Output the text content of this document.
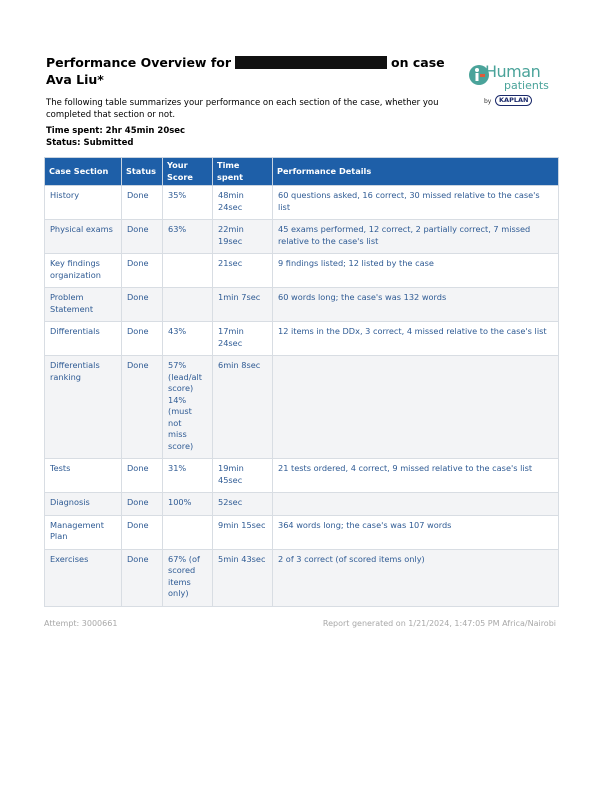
Performance Overview for	on case
Ava Liu*	Human
patients
by	KAPLAN
The following table summarizes your performance on each section of the case, whether you completed that section or not.
Time spent: 2hr 45min 20sec
Status: Submitted
Case Section	Status	Your Score	Time spent	Performance Details
History	Done	35%	48min 24sec	60 questions asked, 16 correct, 30 missed relative to the case's list
Physical exams	Done	63%	22min 19sec	45 exams performed, 12 correct, 2 partially correct, 7 missed relative to the case's list
Key findings organization	Done		21sec	9 findings listed; 12 listed by the case
Problem Statement	Done		1min 7sec	60 words long; the case's was 132 words
Differentials	Done	43%	17min 24sec	12 items in the DDx, 3 correct, 4 missed relative to the case's list
Differentials ranking	Done	57% (lead/alt score) 14% (must not miss score)	6min 8sec	
Tests	Done	31%	19min 45sec	21 tests ordered, 4 correct, 9 missed relative to the case's list
Diagnosis	Done	100%	52sec	
Management Plan	Done		9min 15sec	364 words long; the case's was 107 words
Exercises	Done	67% (of scored items only)	5min 43sec	2 of 3 correct (of scored items only)
Attempt: 3000661	Report generated on 1/21/2024, 1:47:05 PM Africa/Nairobi
